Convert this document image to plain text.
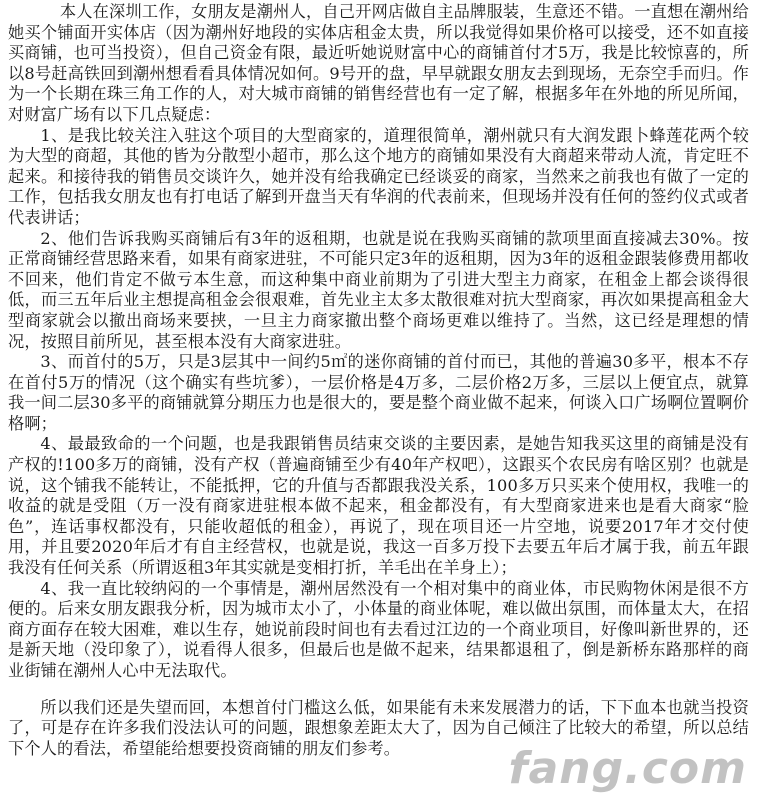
本人在深圳工作，女朋友是潮州人，自己开网店做自主品牌服装，生意还不错。一直想在潮州给她买个铺面开实体店（因为潮州好地段的实体店租金太贵，所以我觉得如果价格可以接受，还不如直接买商铺，也可当投资），但自己资金有限，最近听她说财富中心的商铺首付才5万，我是比较惊喜的，所以8号赶高铁回到潮州想看看具体情况如何。9号开的盘，早早就跟女朋友去到现场，无奈空手而归。作为一个长期在珠三角工作的人，对大城市商铺的销售经营也有一定了解，根据多年在外地的所见所闻，对财富广场有以下几点疑虑：

1、是我比较关注入驻这个项目的大型商家的，道理很简单，潮州就只有大润发跟卜蜂莲花两个较为大型的商超，其他的皆为分散型小超市，那么这个地方的商铺如果没有大商超来带动人流，肯定旺不起来。和接待我的销售员交谈许久，她并没有给我确定已经谈妥的商家，当然来之前我也有做了一定的工作，包括我女朋友也有打电话了解到开盘当天有华润的代表前来，但现场并没有任何的签约仪式或者代表讲话；

2、他们告诉我购买商铺后有3年的返租期，也就是说在我购买商铺的款项里面直接减去30%。按正常商铺经营思路来看，如果有商家进驻，不可能只定3年的返租期，因为3年的返租金跟装修费用都收不回来，他们肯定不做亏本生意，而这种集中商业前期为了引进大型主力商家，在租金上都会谈得很低，而三五年后业主想提高租金会很艰难，首先业主太多太散很难对抗大型商家，再次如果提高租金大型商家就会以撤出商场来要挟，一旦主力商家撤出整个商场更难以维持了。当然，这已经是理想的情况，按照目前所见，甚至根本没有大商家进驻。

3、而首付的5万，只是3层其中一间约5㎡的迷你商铺的首付而已，其他的普遍30多平，根本不存在首付5万的情况（这个确实有些坑爹），一层价格是4万多，二层价格2万多，三层以上便宜点，就算我一间二层30多平的商铺就算分期压力也是很大的，要是整个商业做不起来，何谈入口广场啊位置啊价格啊；

4、最最致命的一个问题，也是我跟销售员结束交谈的主要因素，是她告知我买这里的商铺是没有产权的!100多万的商铺，没有产权（普遍商铺至少有40年产权吧），这跟买个农民房有啥区别？也就是说，这个铺我不能转让，不能抵押，它的升值与否都跟我没关系，100多万只买来个使用权，我唯一的收益的就是受阻（万一没有商家进驻根本做不起来，租金都没有，有大型商家进来也是看大商家“脸色”，连话事权都没有，只能收超低的租金），再说了，现在项目还一片空地，说要2017年才交付使用，并且要2020年后才有自主经营权，也就是说，我这一百多万投下去要五年后才属于我，前五年跟我没有任何关系（所谓返租3年其实就是变相打折，羊毛出在羊身上）；

4、我一直比较纳闷的一个事情是，潮州居然没有一个相对集中的商业体，市民购物休闲是很不方便的。后来女朋友跟我分析，因为城市太小了，小体量的商业体呢，难以做出氛围，而体量太大，在招商方面存在较大困难，难以生存，她说前段时间也有去看过江边的一个商业项目，好像叫新世界的，还是新天地（没印象了），说看得人很多，但最后也是做不起来，结果都退租了，倒是新桥东路那样的商业街铺在潮州人心中无法取代。

所以我们还是失望而回，本想首付门槛这么低，如果能有未来发展潜力的话，下下血本也就当投资了，可是存在许多我们没法认可的问题，跟想象差距太大了，因为自己倾注了比较大的希望，所以总结下个人的看法，希望能给想要投资商铺的朋友们参考。	fang.com
